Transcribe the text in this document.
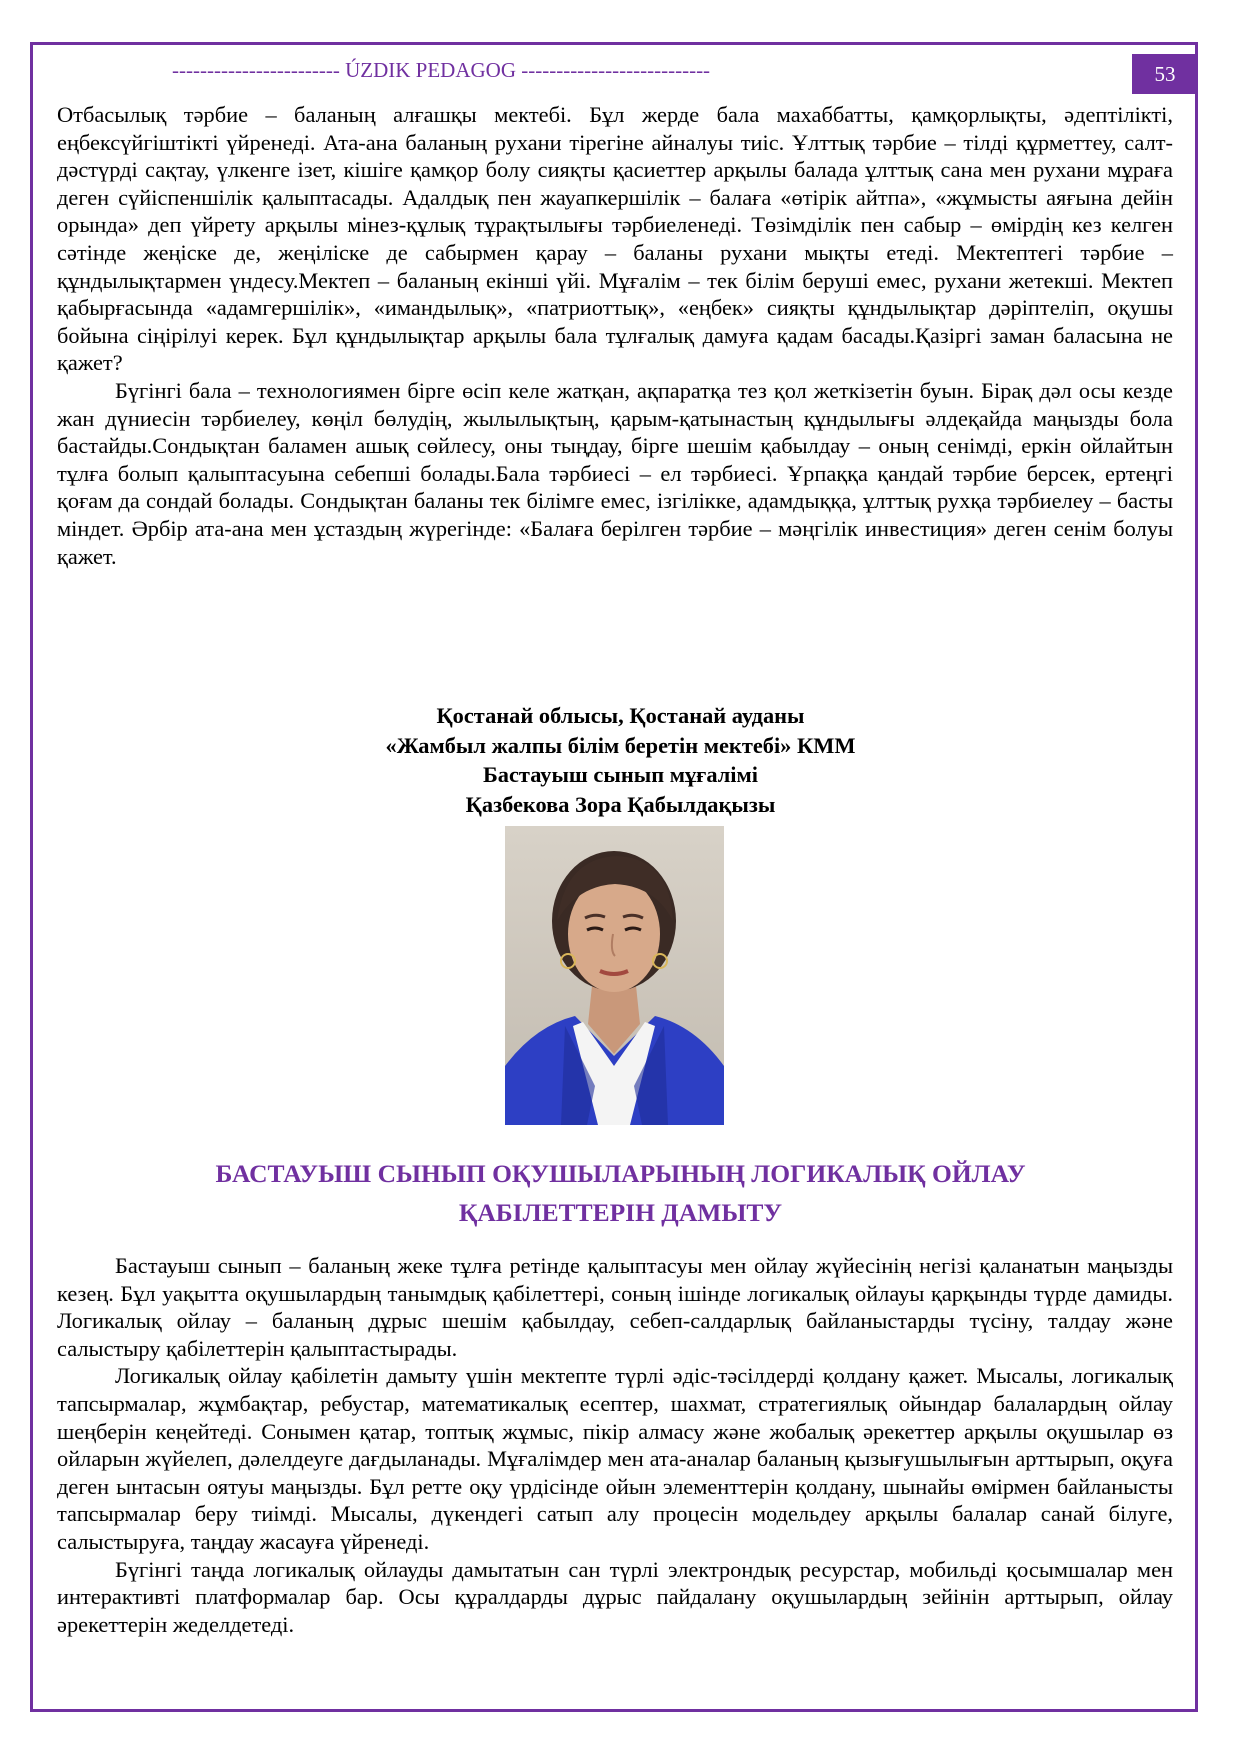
------------------------ ÚZDIK PEDAGOG ---------------------------	53

Отбасылық тәрбие – баланың алғашқы мектебі. Бұл жерде бала махаббатты, қамқорлықты, әдептілікті, еңбексүйгіштікті үйренеді. Ата-ана баланың рухани тірегіне айналуы тиіс. Ұлттық тәрбие – тілді құрметтеу, салт-дәстүрді сақтау, үлкенге ізет, кішіге қамқор болу сияқты қасиеттер арқылы балада ұлттық сана мен рухани мұраға деген сүйіспеншілік қалыптасады. Адалдық пен жауапкершілік – балаға «өтірік айтпа», «жұмысты аяғына дейін орында» деп үйрету арқылы мінез-құлық тұрақтылығы тәрбиеленеді. Төзімділік пен сабыр – өмірдің кез келген сәтінде жеңіске де, жеңіліске де сабырмен қарау – баланы рухани мықты етеді. Мектептегі тәрбие – құндылықтармен үндесу.Мектеп – баланың екінші үйі. Мұғалім – тек білім беруші емес, рухани жетекші. Мектеп қабырғасында «адамгершілік», «имандылық», «патриоттық», «еңбек» сияқты құндылықтар дәріптеліп, оқушы бойына сіңірілуі керек. Бұл құндылықтар арқылы бала тұлғалық дамуға қадам басады.Қазіргі заман баласына не қажет?

Бүгінгі бала – технологиямен бірге өсіп келе жатқан, ақпаратқа тез қол жеткізетін буын. Бірақ дәл осы кезде жан дүниесін тәрбиелеу, көңіл бөлудің, жылылықтың, қарым-қатынастың құндылығы әлдеқайда маңызды бола бастайды.Сондықтан баламен ашық сөйлесу, оны тыңдау, бірге шешім қабылдау – оның сенімді, еркін ойлайтын тұлға болып қалыптасуына себепші болады.Бала тәрбиесі – ел тәрбиесі. Ұрпаққа қандай тәрбие берсек, ертеңгі қоғам да сондай болады. Сондықтан баланы тек білімге емес, ізгілікке, адамдыққа, ұлттық рухқа тәрбиелеу – басты міндет. Әрбір ата-ана мен ұстаздың жүрегінде: «Балаға берілген тәрбие – мәңгілік инвестиция» деген сенім болуы қажет.

Қостанай облысы, Қостанай ауданы
«Жамбыл жалпы білім беретін мектебі» КММ
Бастауыш сынып мұғалімі
Қазбекова Зора Қабылдақызы
БАСТАУЫШ СЫНЫП ОҚУШЫЛАРЫНЫҢ ЛОГИКАЛЫҚ ОЙЛАУ
ҚАБІЛЕТТЕРІН ДАМЫТУ

Бастауыш сынып – баланың жеке тұлға ретінде қалыптасуы мен ойлау жүйесінің негізі қаланатын маңызды кезең. Бұл уақытта оқушылардың танымдық қабілеттері, соның ішінде логикалық ойлауы қарқынды түрде дамиды. Логикалық ойлау – баланың дұрыс шешім қабылдау, себеп-салдарлық байланыстарды түсіну, талдау және салыстыру қабілеттерін қалыптастырады.

Логикалық ойлау қабілетін дамыту үшін мектепте түрлі әдіс-тәсілдерді қолдану қажет. Мысалы, логикалық тапсырмалар, жұмбақтар, ребустар, математикалық есептер, шахмат, стратегиялық ойындар балалардың ойлау шеңберін кеңейтеді. Сонымен қатар, топтық жұмыс, пікір алмасу және жобалық әрекеттер арқылы оқушылар өз ойларын жүйелеп, дәлелдеуге дағдыланады. Мұғалімдер мен ата-аналар баланың қызығушылығын арттырып, оқуға деген ынтасын оятуы маңызды. Бұл ретте оқу үрдісінде ойын элементтерін қолдану, шынайы өмірмен байланысты тапсырмалар беру тиімді. Мысалы, дүкендегі сатып алу процесін модельдеу арқылы балалар санай білуге, салыстыруға, таңдау жасауға үйренеді.

Бүгінгі таңда логикалық ойлауды дамытатын сан түрлі электрондық ресурстар, мобильді қосымшалар мен интерактивті платформалар бар. Осы құралдарды дұрыс пайдалану оқушылардың зейінін арттырып, ойлау әрекеттерін жеделдетеді.
